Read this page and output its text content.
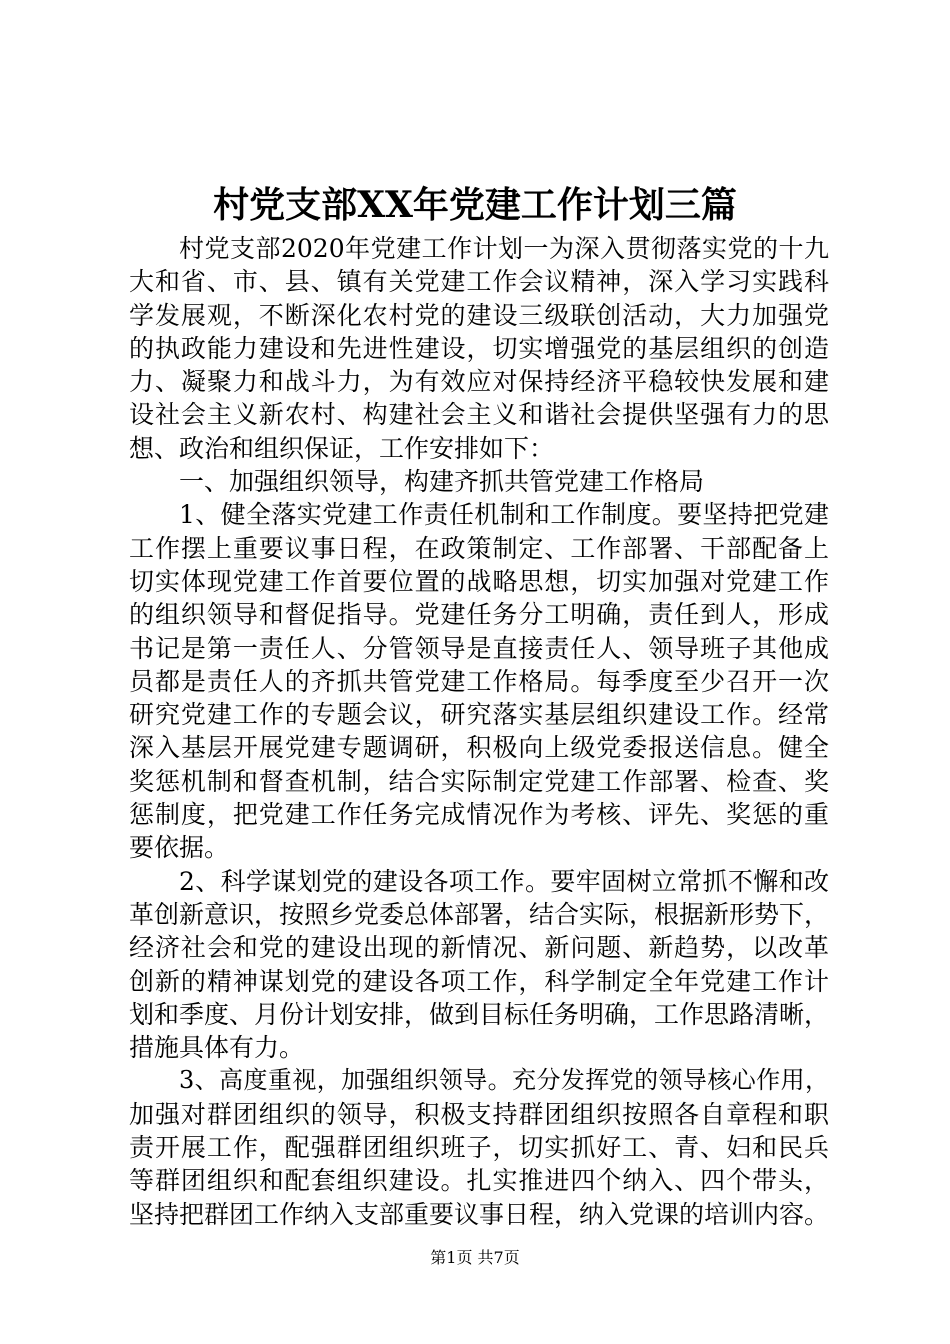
村党支部XX年党建工作计划三篇
村党支部2020年党建工作计划一为深入贯彻落实党的十九
大和省、市、县、镇有关党建工作会议精神，深入学习实践科
学发展观，不断深化农村党的建设三级联创活动，大力加强党
的执政能力建设和先进性建设，切实增强党的基层组织的创造
力、凝聚力和战斗力，为有效应对保持经济平稳较快发展和建
设社会主义新农村、构建社会主义和谐社会提供坚强有力的思
想、政治和组织保证，工作安排如下：
一、加强组织领导，构建齐抓共管党建工作格局
1、健全落实党建工作责任机制和工作制度。要坚持把党建
工作摆上重要议事日程，在政策制定、工作部署、干部配备上
切实体现党建工作首要位置的战略思想，切实加强对党建工作
的组织领导和督促指导。党建任务分工明确，责任到人，形成
书记是第一责任人、分管领导是直接责任人、领导班子其他成
员都是责任人的齐抓共管党建工作格局。每季度至少召开一次
研究党建工作的专题会议，研究落实基层组织建设工作。经常
深入基层开展党建专题调研，积极向上级党委报送信息。健全
奖惩机制和督查机制，结合实际制定党建工作部署、检查、奖
惩制度，把党建工作任务完成情况作为考核、评先、奖惩的重
要依据。
2、科学谋划党的建设各项工作。要牢固树立常抓不懈和改
革创新意识，按照乡党委总体部署，结合实际，根据新形势下，
经济社会和党的建设出现的新情况、新问题、新趋势，以改革
创新的精神谋划党的建设各项工作，科学制定全年党建工作计
划和季度、月份计划安排，做到目标任务明确，工作思路清晰，
措施具体有力。
3、高度重视，加强组织领导。充分发挥党的领导核心作用，
加强对群团组织的领导，积极支持群团组织按照各自章程和职
责开展工作，配强群团组织班子，切实抓好工、青、妇和民兵
等群团组织和配套组织建设。扎实推进四个纳入、四个带头，
坚持把群团工作纳入支部重要议事日程，纳入党课的培训内容。

第1页 共7页
